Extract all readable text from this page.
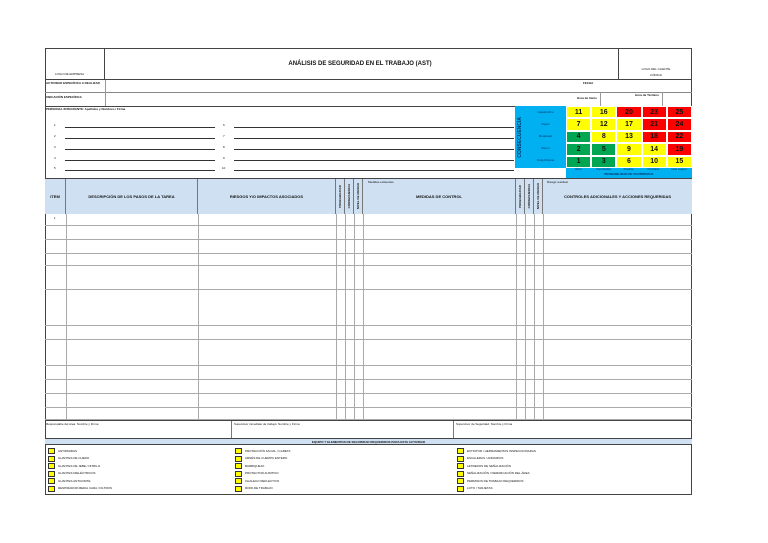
LOGO DE EMPRESA
ANÁLISIS DE SEGURIDAD EN EL TRABAJO (AST)
LOGO DEL CLIENTE
CÓDIGO
ACTIVIDAD ESPECÍFICA A REALIZAR	FECHA
UBICACIÓN ESPECÍFICA	Hora de Inicio
Hora de Término
PERSONAL INTEGRANTE: Apellidos y Nombres / Firma
1
2
3
4
5
6
7
8
9
10
CONSECUENCIA
Catastrófico
Mayor
Moderado
Menor
Insignificante
11	16	20	23	25
7	12	17	21	24
4	8	13	18	22
2	5	9	14	19
1	3	6	10	15
Raro	Improbable	Posible	Probable	Casi seguro
PROBABILIDAD DE OCURRENCIA
ITEM	DESCRIPCIÓN DE LOS PASOS DE LA TAREA	RIESGOS Y/O IMPACTOS ASOCIADOS	PROBABILIDAD CONSECUENCIA NIVEL DE RIESGO
Medidas existentes
MEDIDAS DE CONTROL	PROBABILIDAD CONSECUENCIA NIVEL DE RIESGO
Riesgo residual
CONTROLES ADICIONALES Y ACCIONES REQUERIDAS
1
Responsable del área: Nombre y Firma	Supervisor inmediato de trabajo: Nombre y Firma	Supervisor de Seguridad: Nombre y Firma
EQUIPO Y ELEMENTOS DE SEGURIDAD REQUERIDOS PARA ESTA ACTIVIDAD
ANTIPARRAS
GUANTES DE CUERO
GUANTES DE JEBE / NITRILO
GUANTES DIELÉCTRICOS
GUANTES ANTICORTE
RESPIRADOR MEDIA CARA / FILTROS
PROTECCIÓN FACIAL / CARETA
ARNÉS DE CUERPO ENTERO
BARBIQUEJO
PROTECTOR AUDITIVO
CHALECO REFLECTIVO
ROPA DE TRABAJO
EXTINTOR / HERRAMIENTAS INSPECCIONADAS
ESCALERAS / ANDAMIOS
LETREROS DE SEÑALIZACIÓN
SEÑALIZACIÓN / DEMARCACIÓN DEL ÁREA
PERMISOS DE TRABAJO REQUERIDOS
LOTO / TARJETAS
